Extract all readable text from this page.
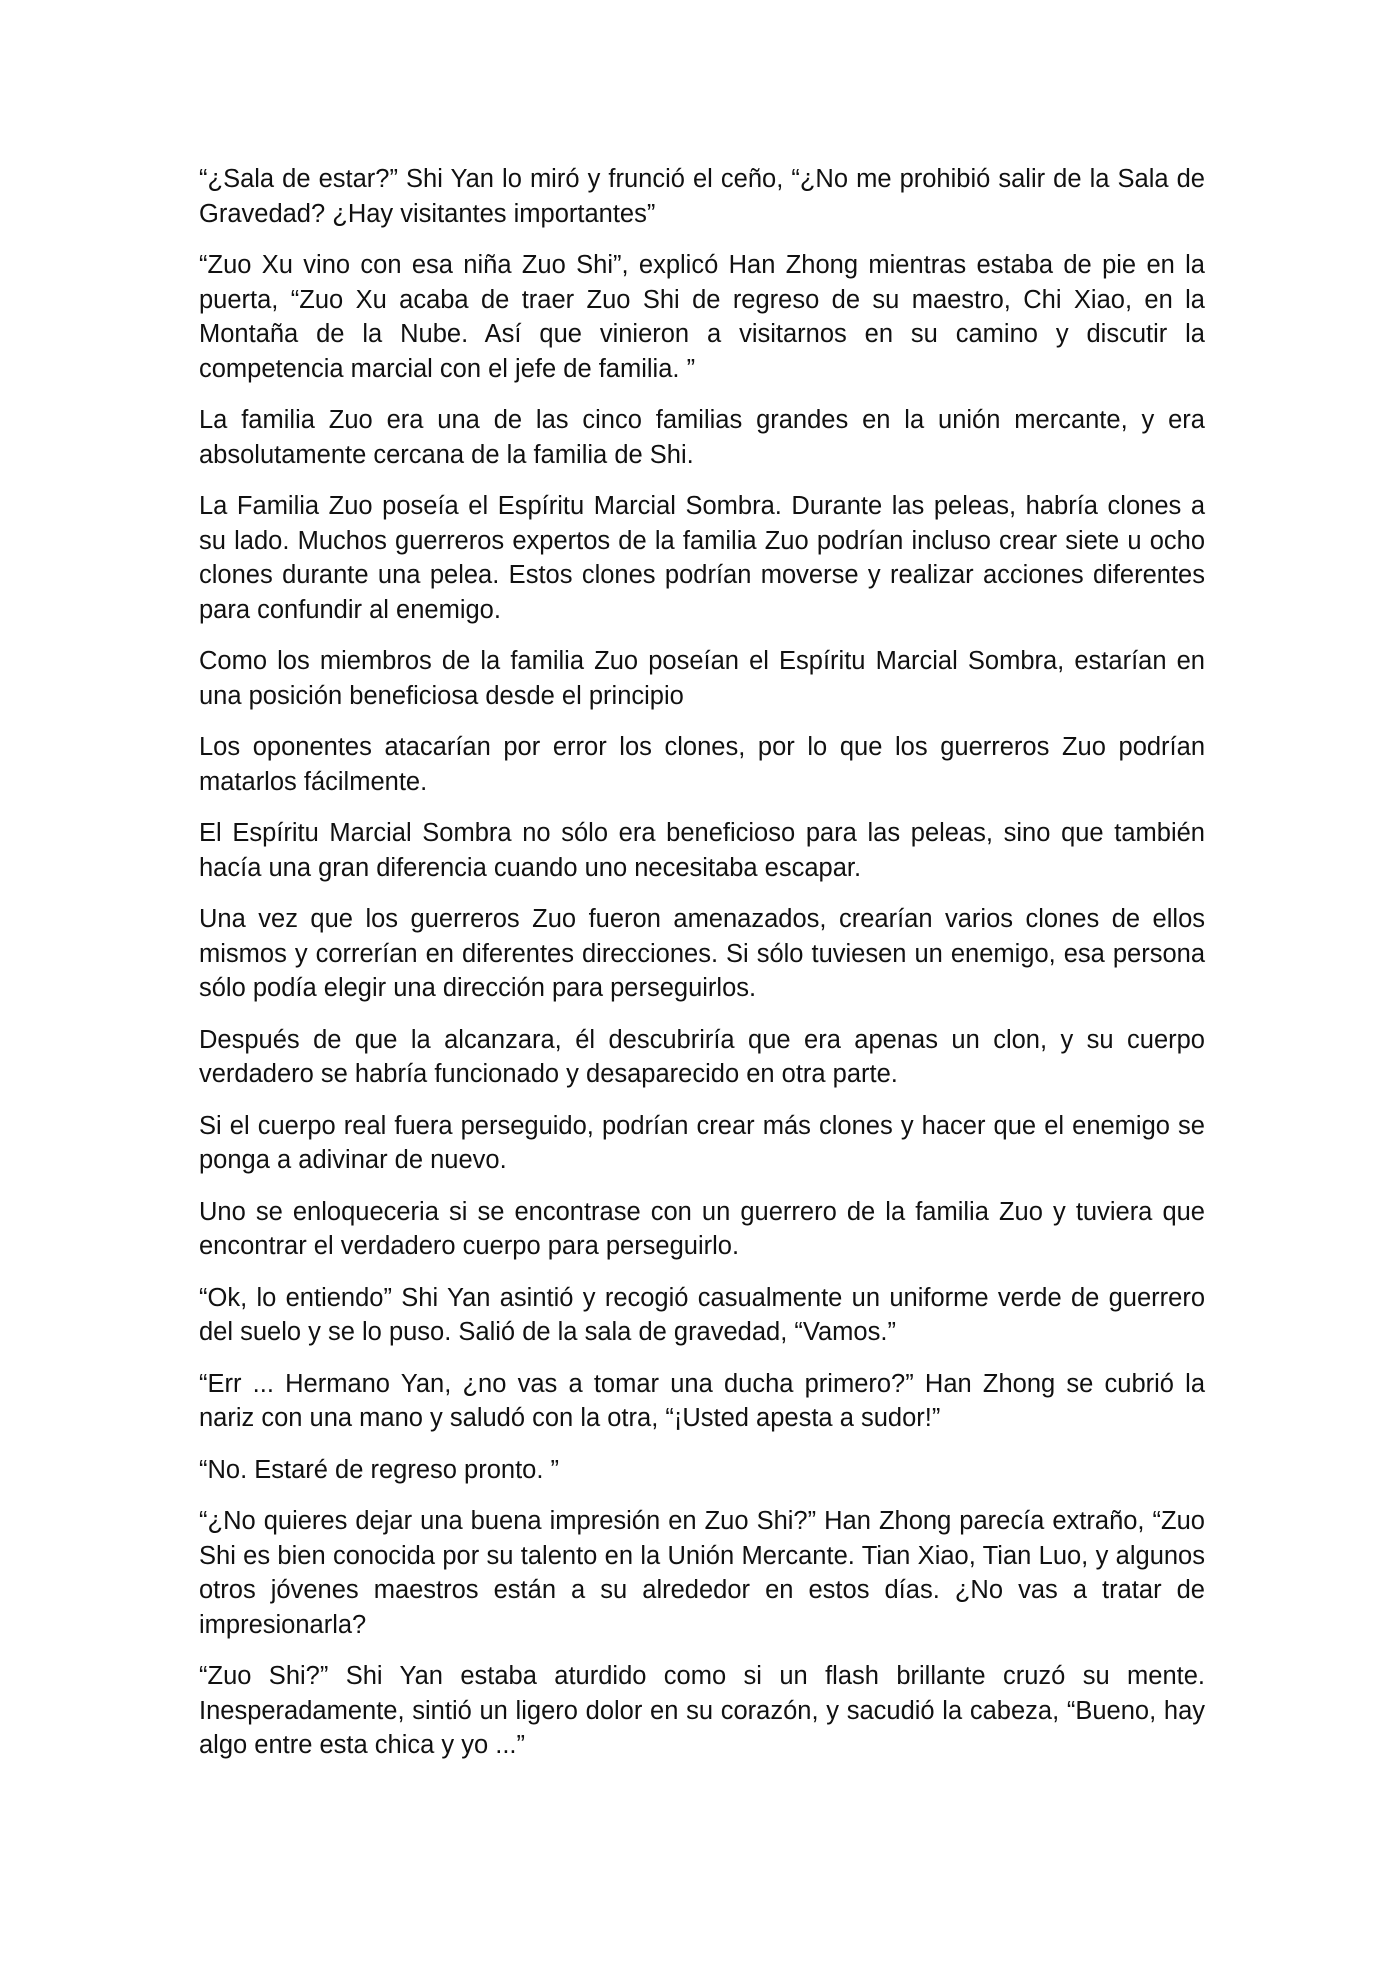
“¿Sala de estar?” Shi Yan lo miró y frunció el ceño, “¿No me prohibió salir de la Sala de Gravedad? ¿Hay visitantes importantes”

“Zuo Xu vino con esa niña Zuo Shi”, explicó Han Zhong mientras estaba de pie en la puerta, “Zuo Xu acaba de traer Zuo Shi de regreso de su maestro, Chi Xiao, en la Montaña de la Nube. Así que vinieron a visitarnos en su camino y discutir la competencia marcial con el jefe de familia. ”

La familia Zuo era una de las cinco familias grandes en la unión mercante, y era absolutamente cercana de la familia de Shi.

La Familia Zuo poseía el Espíritu Marcial Sombra. Durante las peleas, habría clones a su lado. Muchos guerreros expertos de la familia Zuo podrían incluso crear siete u ocho clones durante una pelea. Estos clones podrían moverse y realizar acciones diferentes para confundir al enemigo.

Como los miembros de la familia Zuo poseían el Espíritu Marcial Sombra, estarían en una posición beneficiosa desde el principio

Los oponentes atacarían por error los clones, por lo que los guerreros Zuo podrían matarlos fácilmente.

El Espíritu Marcial Sombra no sólo era beneficioso para las peleas, sino que también hacía una gran diferencia cuando uno necesitaba escapar.

Una vez que los guerreros Zuo fueron amenazados, crearían varios clones de ellos mismos y correrían en diferentes direcciones. Si sólo tuviesen un enemigo, esa persona sólo podía elegir una dirección para perseguirlos.

Después de que la alcanzara, él descubriría que era apenas un clon, y su cuerpo verdadero se habría funcionado y desaparecido en otra parte.

Si el cuerpo real fuera perseguido, podrían crear más clones y hacer que el enemigo se ponga a adivinar de nuevo.

Uno se enloqueceria si se encontrase con un guerrero de la familia Zuo y tuviera que encontrar el verdadero cuerpo para perseguirlo.

“Ok, lo entiendo” Shi Yan asintió y recogió casualmente un uniforme verde de guerrero del suelo y se lo puso. Salió de la sala de gravedad, “Vamos.”

“Err ... Hermano Yan, ¿no vas a tomar una ducha primero?” Han Zhong se cubrió la nariz con una mano y saludó con la otra, “¡Usted apesta a sudor!”

“No. Estaré de regreso pronto. ”

“¿No quieres dejar una buena impresión en Zuo Shi?” Han Zhong parecía extraño, “Zuo Shi es bien conocida por su talento en la Unión Mercante. Tian Xiao, Tian Luo, y algunos otros jóvenes maestros están a su alrededor en estos días. ¿No vas a tratar de impresionarla?

“Zuo Shi?” Shi Yan estaba aturdido como si un flash brillante cruzó su mente. Inesperadamente, sintió un ligero dolor en su corazón, y sacudió la cabeza, “Bueno, hay algo entre esta chica y yo ...”
